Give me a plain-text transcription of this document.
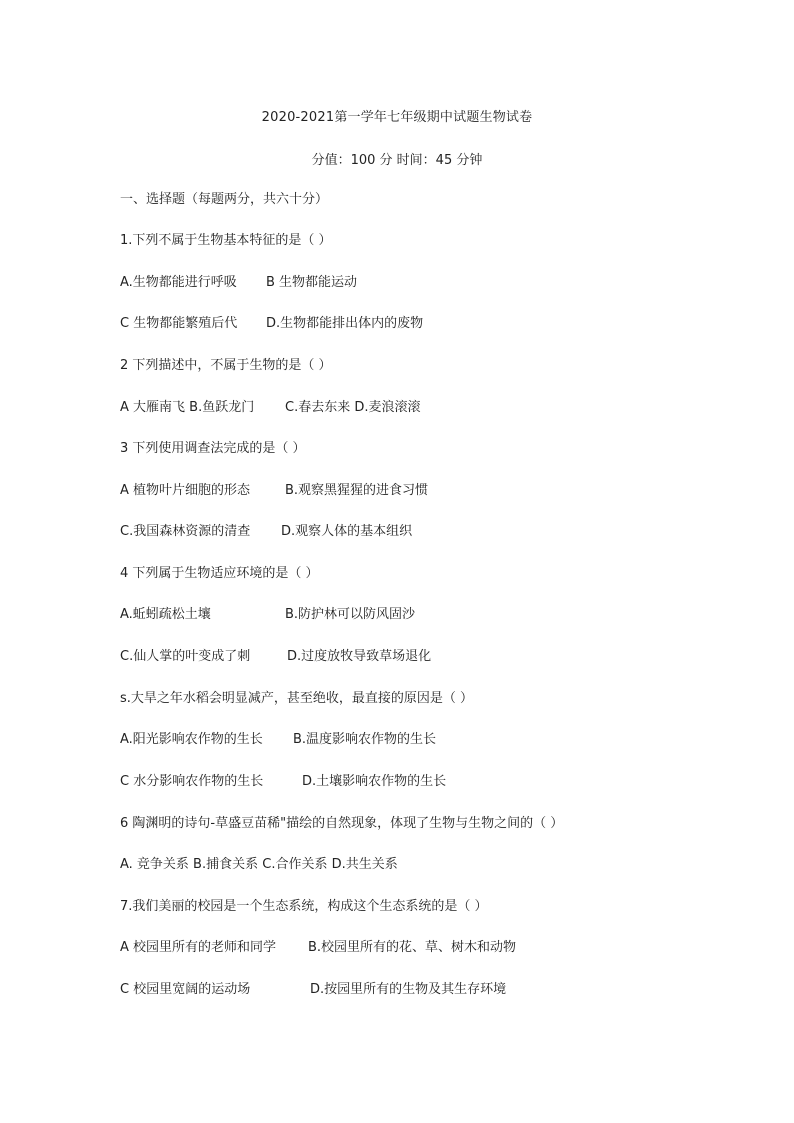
2020-2021第一学年七年级期中试题生物试卷
分值：100 分 时间：45 分钟
一、选择题（每题两分，共六十分）
1.下列不属于生物基本特征的是（ ）
A.生物都能进行呼吸 B 生物都能运动
C 生物都能繁殖后代 D.生物都能排出体内的废物
2 下列描述中，不属于生物的是（ ）
A 大雁南飞 B.鱼跃龙门 C.春去东来 D.麦浪滚滚
3 下列使用调查法完成的是（ ）
A 植物叶片细胞的形态	B.观察黑猩猩的进食习惯
C.我国森林资源的清查 D.观察人体的基本组织
4 下列属于生物适应环境的是（ ）
A.蚯蚓疏松土壤	B.防护林可以防风固沙
C.仙人掌的叶变成了刺	D.过度放牧导致草场退化
s.大旱之年水稻会明显减产，甚至绝收，最直接的原因是（ ）
A.阳光影响农作物的生长 B.温度影响农作物的生长
C 水分影响农作物的生长	D.土壤影响农作物的生长
6 陶渊明的诗句-草盛豆苗稀"描绘的自然现象，体现了生物与生物之间的（ ）
A. 竞争关系 B.捕食关系 C.合作关系 D.共生关系
7.我们美丽的校园是一个生态系统，构成这个生态系统的是（ ）
A 校园里所有的老师和同学 B.校园里所有的花、草、树木和动物
C 校园里宽阔的运动场	D.按园里所有的生物及其生存环境
